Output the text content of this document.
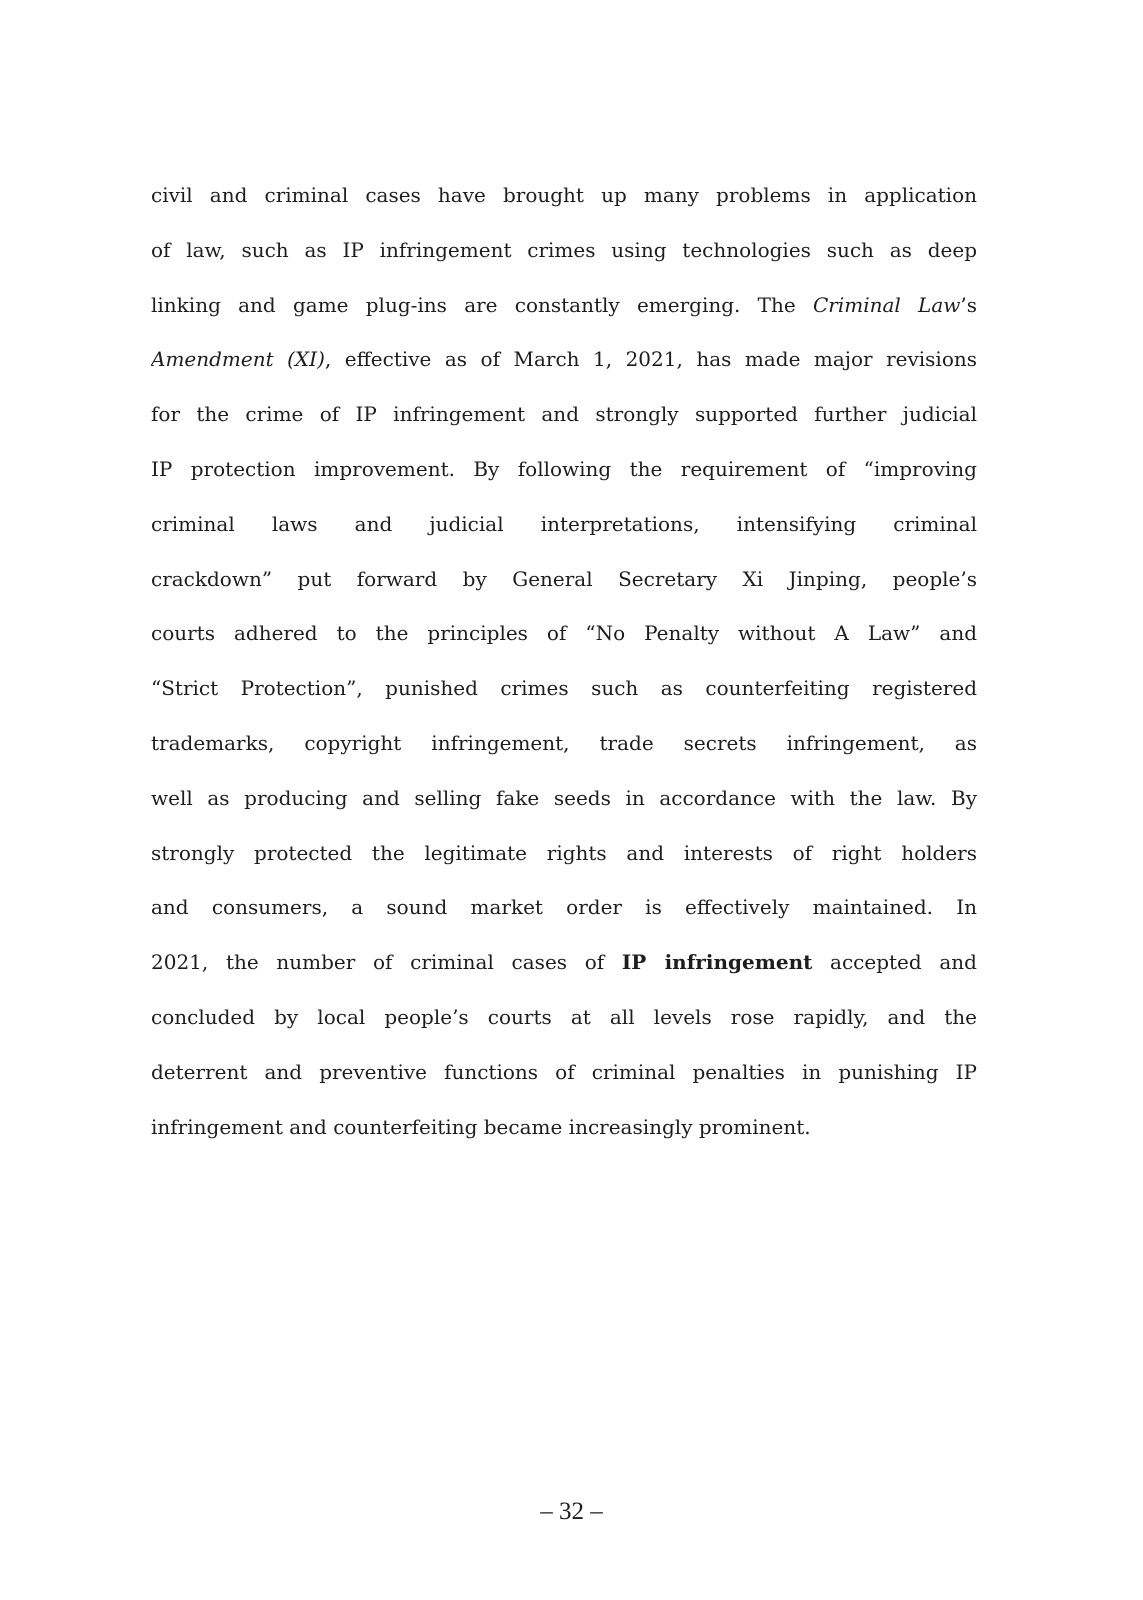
civil and criminal cases have brought up many problems in application
of law, such as IP infringement crimes using technologies such as deep
linking and game plug-ins are constantly emerging. The Criminal Law’s
Amendment (XI), effective as of March 1, 2021, has made major revisions
for the crime of IP infringement and strongly supported further judicial
IP protection improvement. By following the requirement of “improving
criminal laws and judicial interpretations, intensifying criminal
crackdown” put forward by General Secretary Xi Jinping, people’s
courts adhered to the principles of “No Penalty without A Law” and
“Strict Protection”, punished crimes such as counterfeiting registered
trademarks, copyright infringement, trade secrets infringement, as
well as producing and selling fake seeds in accordance with the law. By
strongly protected the legitimate rights and interests of right holders
and consumers, a sound market order is effectively maintained. In
2021, the number of criminal cases of IP infringement accepted and
concluded by local people’s courts at all levels rose rapidly, and the
deterrent and preventive functions of criminal penalties in punishing IP
infringement and counterfeiting became increasingly prominent.
– 32 –
